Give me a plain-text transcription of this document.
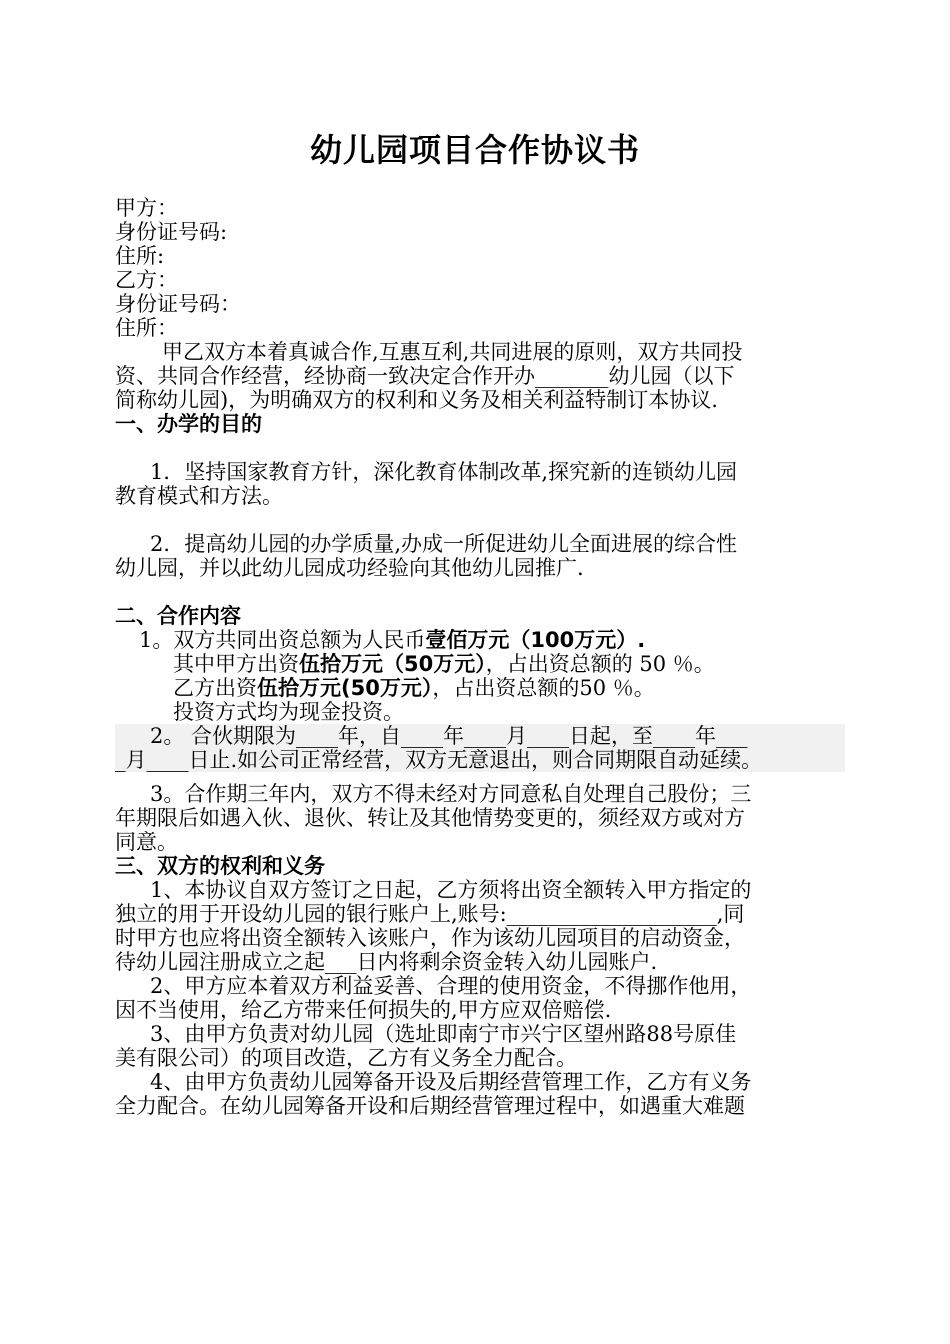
幼儿园项目合作协议书
甲方：
身份证号码:
住所:
乙方：
身份证号码：
住所：
甲乙双方本着真诚合作,互惠互利,共同进展的原则，双方共同投
资、共同合作经营，经协商一致决定合作开办_______幼儿园（以下
简称幼儿园)，为明确双方的权利和义务及相关利益特制订本协议.
一、办学的目的
1．坚持国家教育方针，深化教育体制改革,探究新的连锁幼儿园
教育模式和方法。
2．提高幼儿园的办学质量,办成一所促进幼儿全面进展的综合性
幼儿园，并以此幼儿园成功经验向其他幼儿园推广.
二、合作内容
1。双方共同出资总额为人民币壹佰万元（100万元）.
其中甲方出资伍拾万元（50万元），占出资总额的 50 ％。
乙方出资伍拾万元(50万元），占出资总额的50 ％。
投资方式均为现金投资。
2。 合伙期限为____年，自____年____月____日起，至____年___
_月____日止.如公司正常经营，双方无意退出，则合同期限自动延续。
3。合作期三年内，双方不得未经对方同意私自处理自己股份；三
年期限后如遇入伙、退伙、转让及其他情势变更的，须经双方或对方
同意。
三、双方的权利和义务
1、本协议自双方签订之日起，乙方须将出资全额转入甲方指定的
独立的用于开设幼儿园的银行账户上,账号:____________________,同
时甲方也应将出资全额转入该账户，作为该幼儿园项目的启动资金，
待幼儿园注册成立之起___日内将剩余资金转入幼儿园账户.
2、甲方应本着双方利益妥善、合理的使用资金，不得挪作他用，
因不当使用，给乙方带来任何损失的,甲方应双倍赔偿.
3、由甲方负责对幼儿园（选址即南宁市兴宁区望州路88号原佳
美有限公司）的项目改造，乙方有义务全力配合。
4、由甲方负责幼儿园筹备开设及后期经营管理工作，乙方有义务
全力配合。在幼儿园筹备开设和后期经营管理过程中，如遇重大难题
